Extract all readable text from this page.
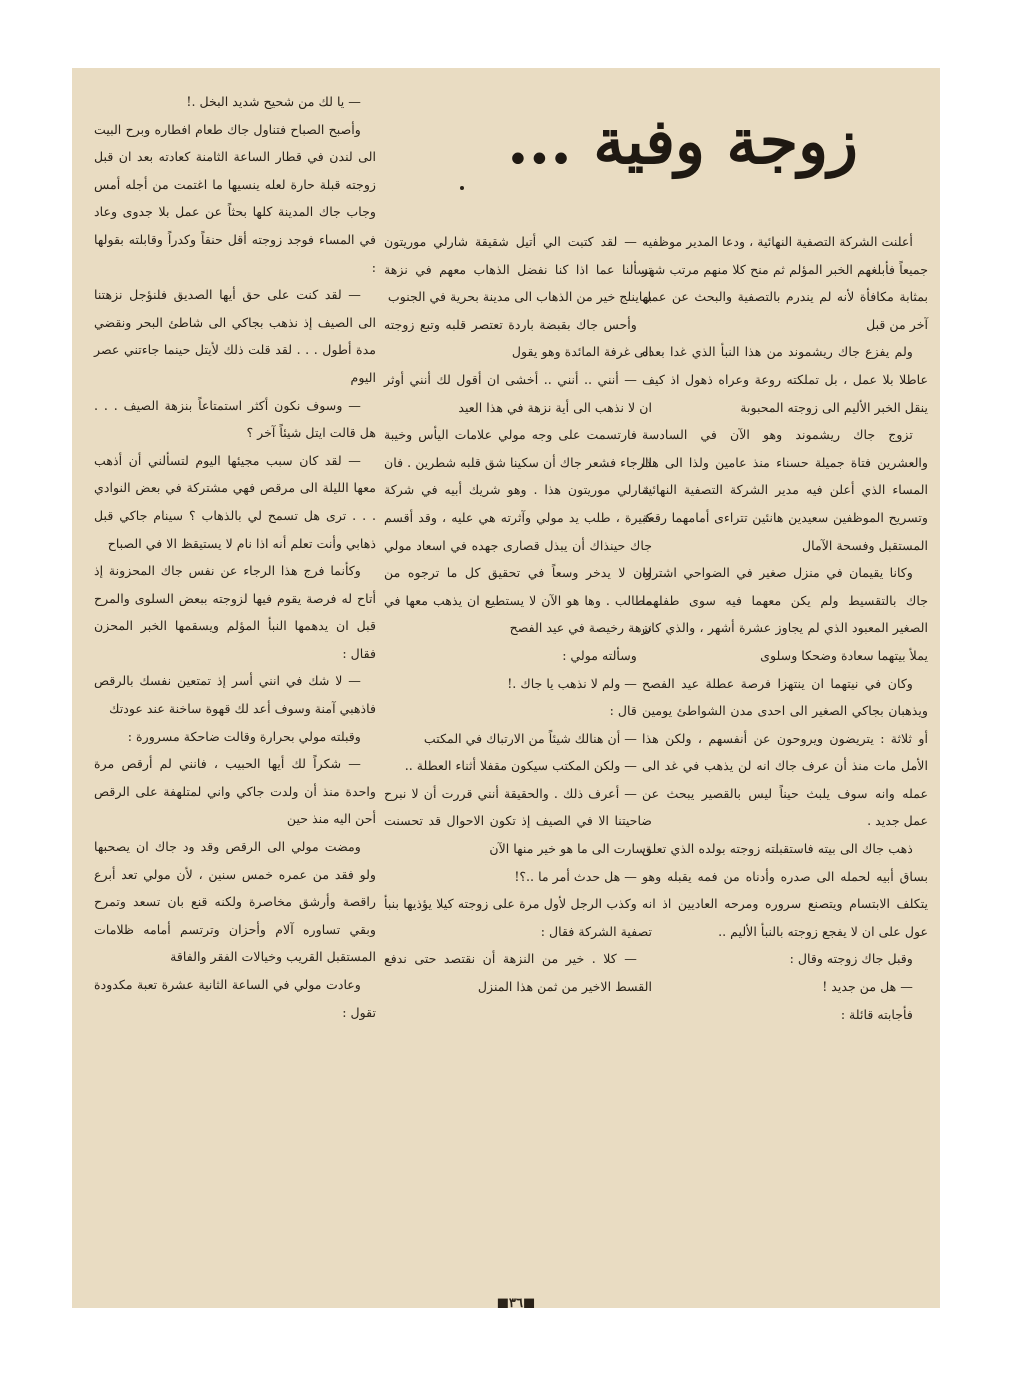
زوجة وفية ...

أعلنت الشركة التصفية النهائية ، ودعا المدير موظفيه جميعاً فأبلغهم الخبر المؤلم ثم منح كلا منهم مرتب شهر بمثابة مكافأة لأنه لم يندرم بالتصفية والبحث عن عمل آخر من قبل

ولم يفزع جاك ريشموند من هذا النبأ الذي غدا بعده عاطلا بلا عمل ، بل تملكته روعة وعراه ذهول اذ كيف ينقل الخبر الأليم الى زوجته المحبوبة

تزوج جاك ريشموند وهو الآن في السادسة والعشرين فتاة جميلة حسناء منذ عامين ولذا الى هذا المساء الذي أعلن فيه مدير الشركة التصفية النهائية وتسريح الموظفين سعيدين هانئين تتراءى أمامهما رقعة المستقبل وفسحة الآمال

وكانا يقيمان في منزل صغير في الضواحي اشتراه جاك بالتقسيط ولم يكن معهما فيه سوى طفلهما الصغير المعبود الذي لم يجاوز عشرة أشهر ، والذي كان يملأ بيتهما سعادة وضحكا وسلوى

وكان في نيتهما ان ينتهزا فرصة عطلة عيد الفصح ويذهبان بجاكي الصغير الى احدى مدن الشواطئ يومين أو ثلاثة : يتريضون ويروحون عن أنفسهم ، ولكن هذا الأمل مات منذ أن عرف جاك انه لن يذهب في غد الى عمله وانه سوف يلبث حيناً ليس بالقصير يبحث عن عمل جديد .

ذهب جاك الى بيته فاستقبلته زوجته بولده الذي تعلق بساق أبيه لحمله الى صدره وأدناه من فمه يقبله وهو يتكلف الابتسام ويتصنع سروره ومرحه العاديين اذ انه عول على ان لا يفجع زوجته بالنبأ الأليم ..

وقبل جاك زوجته وقال :

— هل من جديد !

فأجابته قائلة :

— لقد كتبت الي أتيل شقيقة شارلي موريتون تسألنا عما اذا كنا نفضل الذهاب معهم في نزهة بهاينلج خير من الذهاب الى مدينة بحرية في الجنوب

وأحس جاك بقبضة باردة تعتصر قلبه وتبع زوجته الى غرفة المائدة وهو يقول

— أنني .. أنني .. أخشى ان أقول لك أنني أوثر ان لا نذهب الى أية نزهة في هذا العيد

فارتسمت على وجه مولي علامات اليأس وخيبة الرجاء فشعر جاك أن سكينا شق قلبه شطرين . فان شارلي موريتون هذا . وهو شريك أبيه في شركة كبيرة ، طلب يد مولي وآثرته هي عليه ، وقد أقسم جاك حينذاك أن يبذل قصارى جهده في اسعاد مولي وان لا يدخر وسعاً في تحقيق كل ما ترجوه من مطالب . وها هو الآن لا يستطيع ان يذهب معها في نزهة رخيصة في عيد الفصح

وسألته مولي :

— ولم لا نذهب يا جاك .!

قال :

— أن هنالك شيئاً من الارتباك في المكتب

— ولكن المكتب سيكون مقفلا أثناء العطلة ..

— أعرف ذلك . والحقيقة أنني قررت أن لا نبرح ضاحيتنا الا في الصيف إذ تكون الاحوال قد تحسنت وسارت الى ما هو خير منها الآن

— هل حدث أمر ما ..؟!

وكذب الرجل لأول مرة على زوجته كيلا يؤذيها بنبأ تصفية الشركة فقال :

— كلا . خير من النزهة أن نقتصد حتى ندفع القسط الاخير من ثمن هذا المنزل

— يا لك من شحيح شديد البخل .!

وأصبح الصباح فتناول جاك طعام افطاره وبرح البيت الى لندن في قطار الساعة الثامنة كعادته بعد ان قبل زوجته قبلة حارة لعله ينسيها ما اغتمت من أجله أمس وجاب جاك المدينة كلها بحثاً عن عمل بلا جدوى وعاد في المساء فوجد زوجته أقل حنقاً وكدراً وقابلته بقولها :

— لقد كنت على حق أيها الصديق فلنؤجل نزهتنا الى الصيف إذ نذهب بجاكي الى شاطئ البحر ونقضي مدة أطول . . . لقد قلت ذلك لأيتل حينما جاءتني عصر اليوم

— وسوف نكون أكثر استمتاعاً بنزهة الصيف . . . هل قالت ايتل شيئاً آخر ؟

— لقد كان سبب مجيئها اليوم لتسألني أن أذهب معها الليلة الى مرقص فهي مشتركة في بعض النوادي . . . ترى هل تسمح لي بالذهاب ؟ سينام جاكي قبل ذهابي وأنت تعلم أنه اذا نام لا يستيقظ الا في الصباح

وكأنما فرج هذا الرجاء عن نفس جاك المحزونة إذ أتاح له فرصة يقوم فيها لزوجته ببعض السلوى والمرح قبل ان يدهمها النبأ المؤلم ويسقمها الخبر المحزن فقال :

— لا شك في انني أسر إذ تمتعين نفسك بالرقص فاذهبي آمنة وسوف أعد لك قهوة ساخنة عند عودتك

وقبلته مولي بحرارة وقالت ضاحكة مسرورة :

— شكراً لك أيها الحبيب ، فانني لم أرقص مرة واحدة منذ أن ولدت جاكي واني لمتلهفة على الرقص أحن اليه منذ حين

ومضت مولي الى الرقص وقد ود جاك ان يصحبها ولو فقد من عمره خمس سنين ، لأن مولي تعد أبرع راقصة وأرشق مخاصرة ولكنه قنع بان تسعد وتمرح وبقي تساوره آلام وأحزان وترتسم أمامه ظلامات المستقبل القريب وخيالات الفقر والفاقة

وعادت مولي في الساعة الثانية عشرة تعبة مكدودة تقول :

■٣٦■
